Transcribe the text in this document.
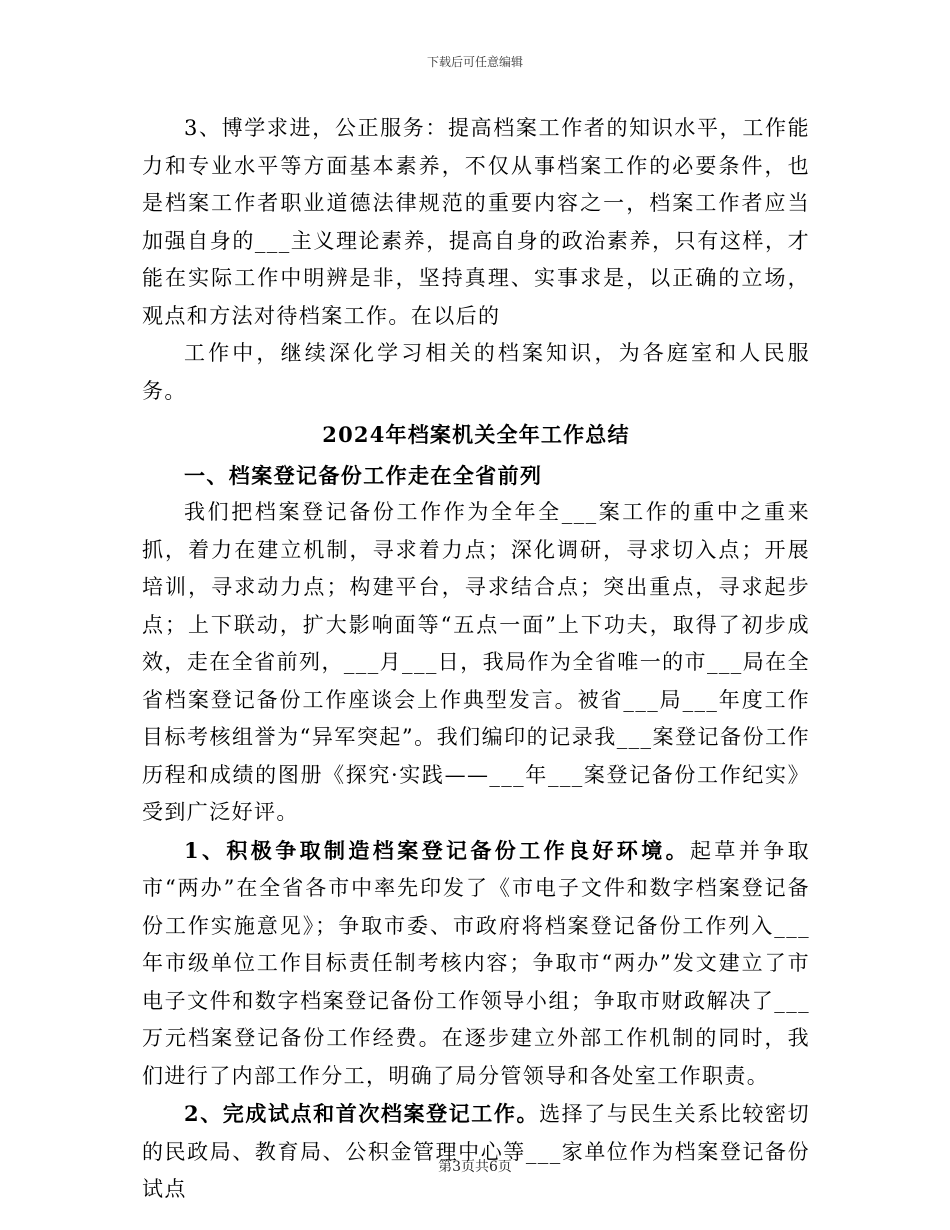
下载后可任意编辑

3、博学求进，公正服务：提高档案工作者的知识水平，工作能力和专业水平等方面基本素养，不仅从事档案工作的必要条件，也是档案工作者职业道德法律规范的重要内容之一，档案工作者应当加强自身的___主义理论素养，提高自身的政治素养，只有这样，才能在实际工作中明辨是非，坚持真理、实事求是，以正确的立场，观点和方法对待档案工作。在以后的

工作中，继续深化学习相关的档案知识，为各庭室和人民服务。

2024年档案机关全年工作总结
一、档案登记备份工作走在全省前列

我们把档案登记备份工作作为全年全___案工作的重中之重来抓，着力在建立机制，寻求着力点；深化调研，寻求切入点；开展培训，寻求动力点；构建平台，寻求结合点；突出重点，寻求起步点；上下联动，扩大影响面等“五点一面”上下功夫，取得了初步成效，走在全省前列，___月___日，我局作为全省唯一的市___局在全省档案登记备份工作座谈会上作典型发言。被省___局___年度工作目标考核组誉为“异军突起”。我们编印的记录我___案登记备份工作历程和成绩的图册《探究·实践——___年___案登记备份工作纪实》受到广泛好评。

1、积极争取制造档案登记备份工作良好环境。起草并争取市“两办”在全省各市中率先印发了《市电子文件和数字档案登记备份工作实施意见》；争取市委、市政府将档案登记备份工作列入___年市级单位工作目标责任制考核内容；争取市“两办”发文建立了市电子文件和数字档案登记备份工作领导小组；争取市财政解决了___万元档案登记备份工作经费。在逐步建立外部工作机制的同时，我们进行了内部工作分工，明确了局分管领导和各处室工作职责。

2、完成试点和首次档案登记工作。选择了与民生关系比较密切的民政局、教育局、公积金管理中心等___家单位作为档案登记备份试点

第3页共6页
